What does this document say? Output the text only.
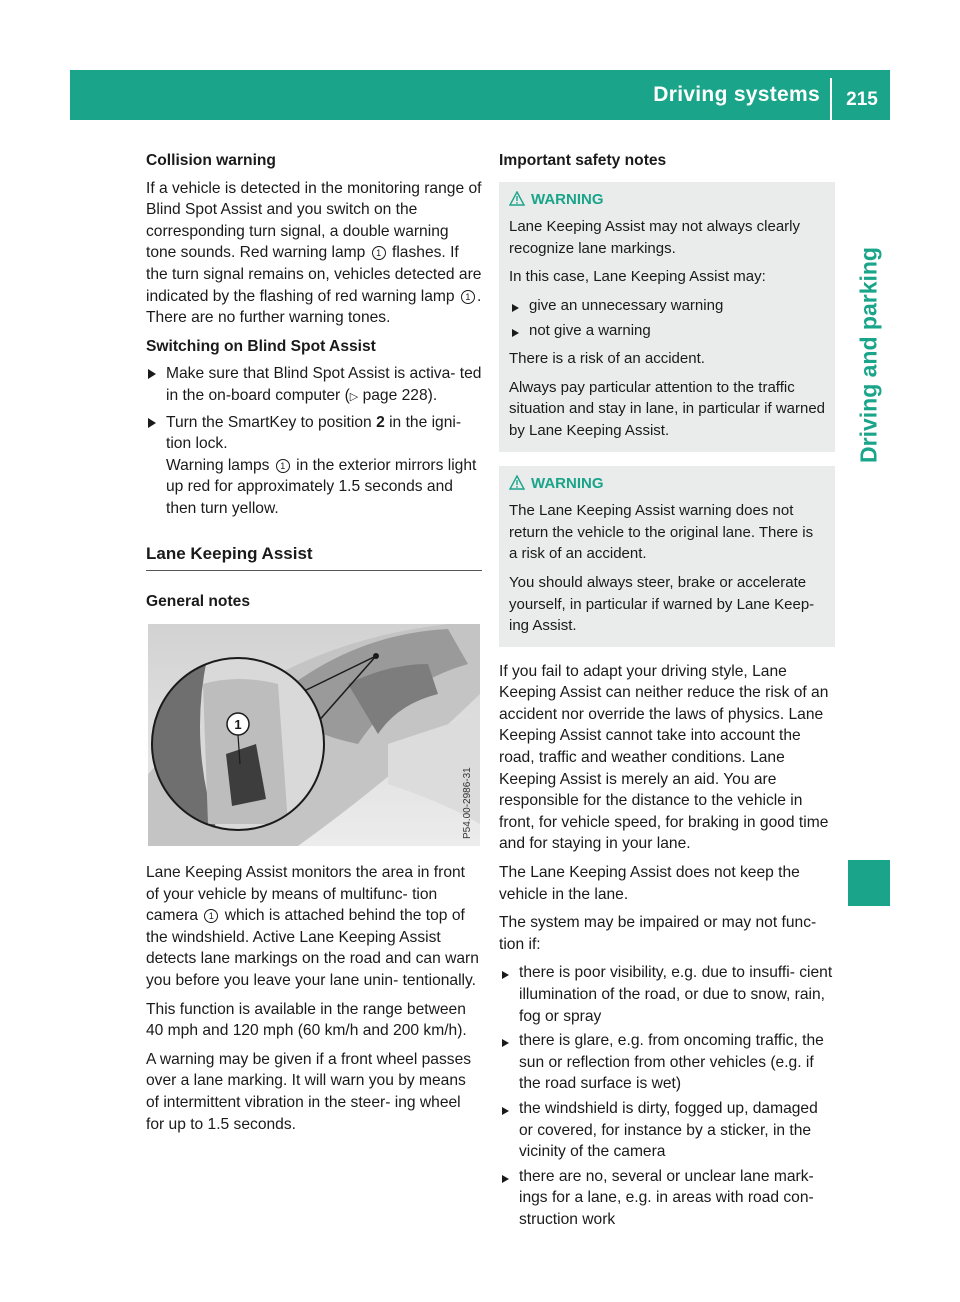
Driving systems	215
Driving and parking
Collision warning

If a vehicle is detected in the monitoring range of Blind Spot Assist and you switch on the corresponding turn signal, a double warning tone sounds. Red warning lamp 1 flashes. If the turn signal remains on, vehicles detected are indicated by the flashing of red warning lamp 1 . There are no further warning tones.

Switching on Blind Spot Assist
Make sure that Blind Spot Assist is activa- ted in the on-board computer (▷ page 228).
Turn the SmartKey to position 2 in the igni- tion lock.
Warning lamps 1 in the exterior mirrors light up red for approximately 1.5 seconds and then turn yellow.
Lane Keeping Assist
General notes
1
P54.00-2986-31

Lane Keeping Assist monitors the area in front of your vehicle by means of multifunc- tion camera 1 which is attached behind the top of the windshield. Active Lane Keeping Assist detects lane markings on the road and can warn you before you leave your lane unin- tentionally.

This function is available in the range between 40 mph and 120 mph (60 km/h and 200 km/h).

A warning may be given if a front wheel passes over a lane marking. It will warn you by means of intermittent vibration in the steer- ing wheel for up to 1.5 seconds.

Important safety notes
WARNING

Lane Keeping Assist may not always clearly recognize lane markings.

In this case, Lane Keeping Assist may:

give an unnecessary warning
not give a warning

There is a risk of an accident.

Always pay particular attention to the traffic situation and stay in lane, in particular if warned by Lane Keeping Assist.

WARNING

The Lane Keeping Assist warning does not return the vehicle to the original lane. There is a risk of an accident.

You should always steer, brake or accelerate yourself, in particular if warned by Lane Keep- ing Assist.

If you fail to adapt your driving style, Lane Keeping Assist can neither reduce the risk of an accident nor override the laws of physics. Lane Keeping Assist cannot take into account the road, traffic and weather conditions. Lane Keeping Assist is merely an aid. You are responsible for the distance to the vehicle in front, for vehicle speed, for braking in good time and for staying in your lane.

The Lane Keeping Assist does not keep the vehicle in the lane.

The system may be impaired or may not func- tion if:

there is poor visibility, e.g. due to insuffi- cient illumination of the road, or due to snow, rain, fog or spray
there is glare, e.g. from oncoming traffic, the sun or reflection from other vehicles (e.g. if the road surface is wet)
the windshield is dirty, fogged up, damaged or covered, for instance by a sticker, in the vicinity of the camera
there are no, several or unclear lane mark- ings for a lane, e.g. in areas with road con- struction work
